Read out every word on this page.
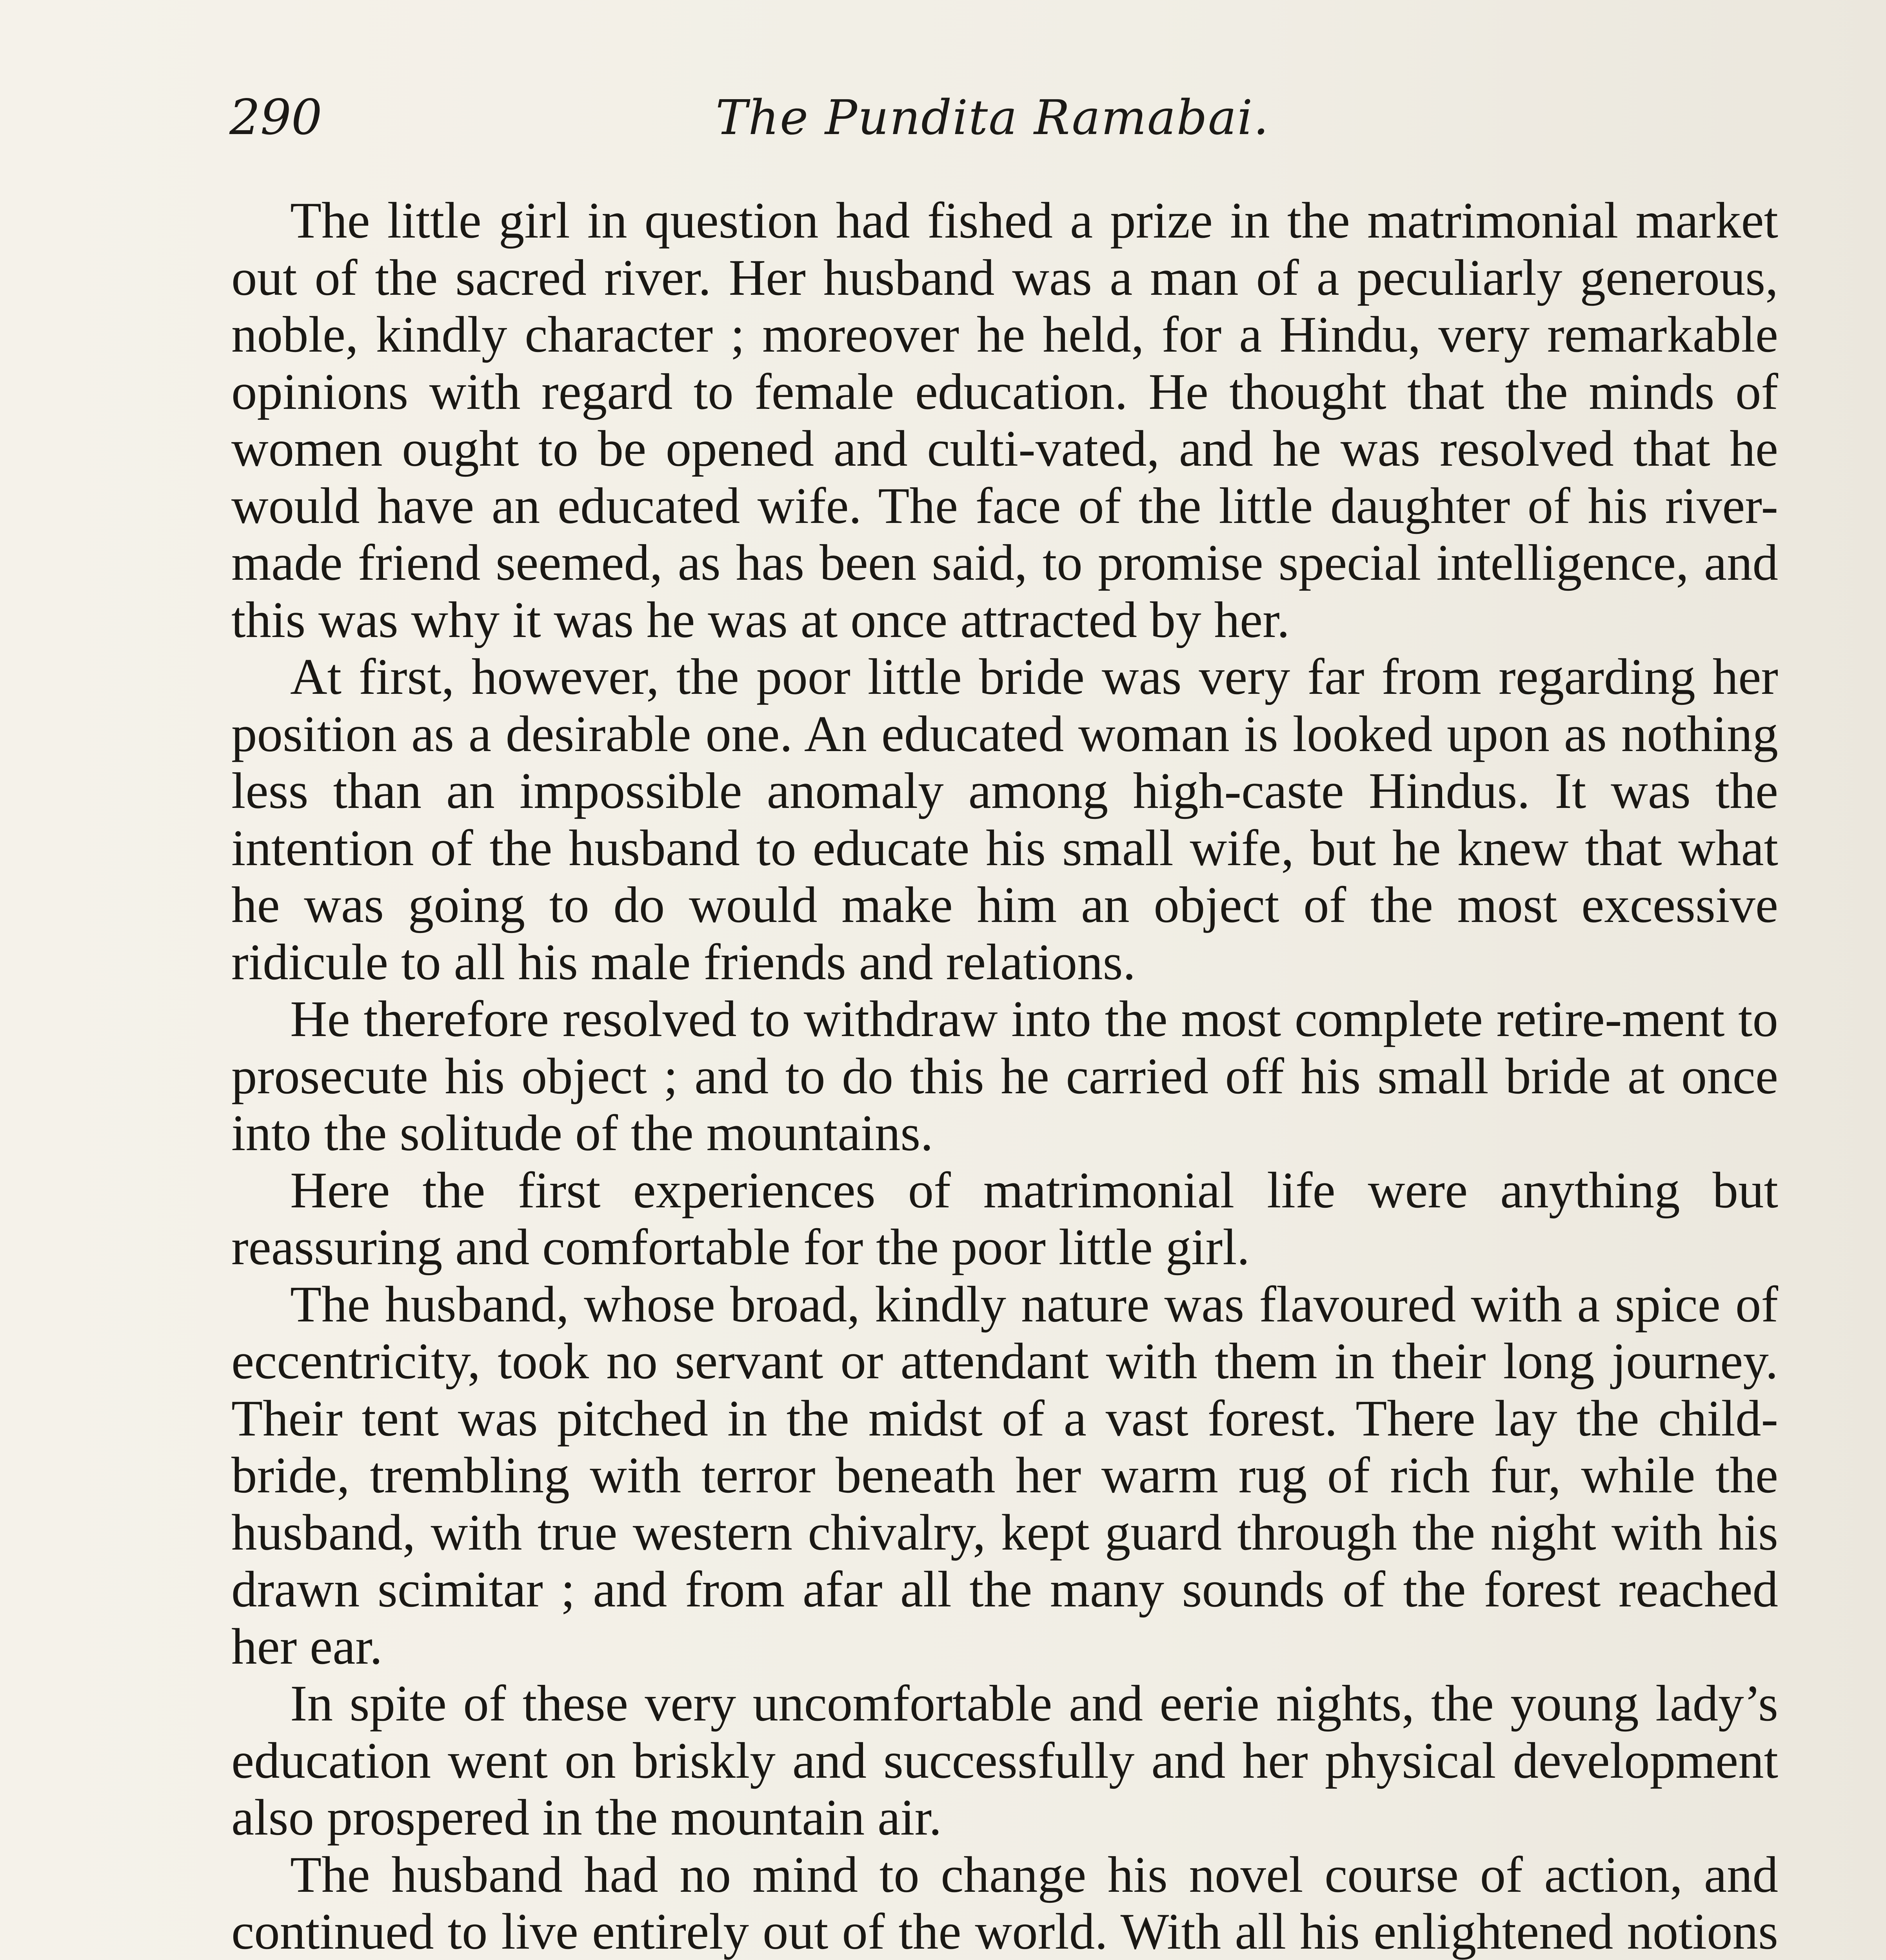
290	The Pundita Ramabai.

The little girl in question had fished a prize in the matrimonial market out of the sacred river. Her husband was a man of a peculiarly generous, noble, kindly character ; moreover he held, for a Hindu, very remarkable opinions with regard to female education. He thought that the minds of women ought to be opened and culti-vated, and he was resolved that he would have an educated wife. The face of the little daughter of his river-made friend seemed, as has been said, to promise special intelligence, and this was why it was he was at once attracted by her.

At first, however, the poor little bride was very far from regarding her position as a desirable one. An educated woman is looked upon as nothing less than an impossible anomaly among high-caste Hindus. It was the intention of the husband to educate his small wife, but he knew that what he was going to do would make him an object of the most excessive ridicule to all his male friends and relations.

He therefore resolved to withdraw into the most complete retire-ment to prosecute his object ; and to do this he carried off his small bride at once into the solitude of the mountains.

Here the first experiences of matrimonial life were anything but reassuring and comfortable for the poor little girl.

The husband, whose broad, kindly nature was flavoured with a spice of eccentricity, took no servant or attendant with them in their long journey. Their tent was pitched in the midst of a vast forest. There lay the child-bride, trembling with terror beneath her warm rug of rich fur, while the husband, with true western chivalry, kept guard through the night with his drawn scimitar ; and from afar all the many sounds of the forest reached her ear.

In spite of these very uncomfortable and eerie nights, the young lady’s education went on briskly and successfully and her physical development also prospered in the mountain air.

The husband had no mind to change his novel course of action, and continued to live entirely out of the world. With all his enlightened notions
